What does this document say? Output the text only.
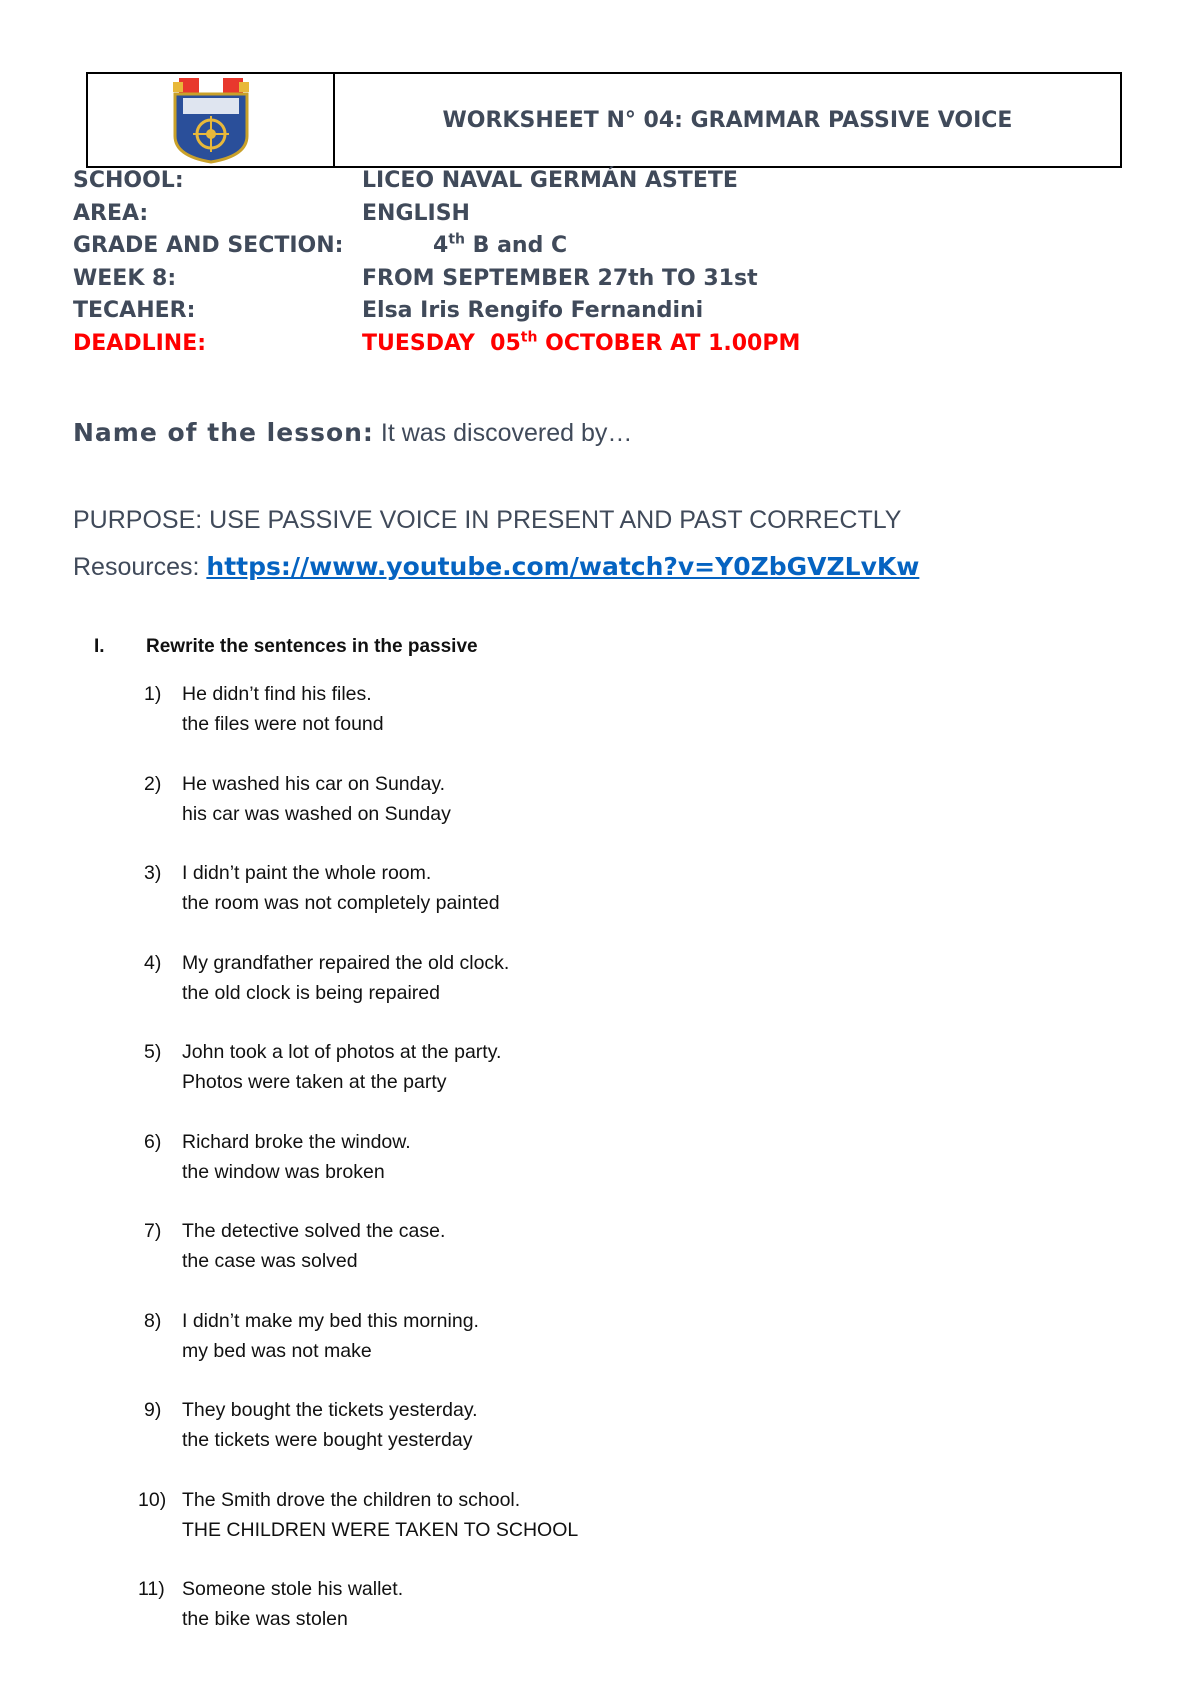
WORKSHEET N° 04: GRAMMAR PASSIVE VOICE
SCHOOL:	LICEO NAVAL GERMÁN ASTETE
AREA:	ENGLISH
GRADE AND SECTION:	4th B and C
WEEK 8:	FROM SEPTEMBER 27th TO 31st
TECAHER:	Elsa Iris Rengifo Fernandini
DEADLINE:	TUESDAY  05th OCTOBER AT 1.00PM
Name of the lesson: It was discovered by…
PURPOSE: USE PASSIVE VOICE IN PRESENT AND PAST CORRECTLY
Resources: https://www.youtube.com/watch?v=Y0ZbGVZLvKw
I. Rewrite the sentences in the passive
1) He didn’t find his files.
the files were not found
2) He washed his car on Sunday.
his car was washed on Sunday
3) I didn’t paint the whole room.
the room was not completely painted
4) My grandfather repaired the old clock.
the old clock is being repaired
5) John took a lot of photos at the party.
Photos were taken at the party
6) Richard broke the window.
the window was broken
7) The detective solved the case.
the case was solved
8) I didn’t make my bed this morning.
my bed was not make
9) They bought the tickets yesterday.
the tickets were bought yesterday
10) The Smith drove the children to school.
THE CHILDREN WERE TAKEN TO SCHOOL
11) Someone stole his wallet.
the bike was stolen
